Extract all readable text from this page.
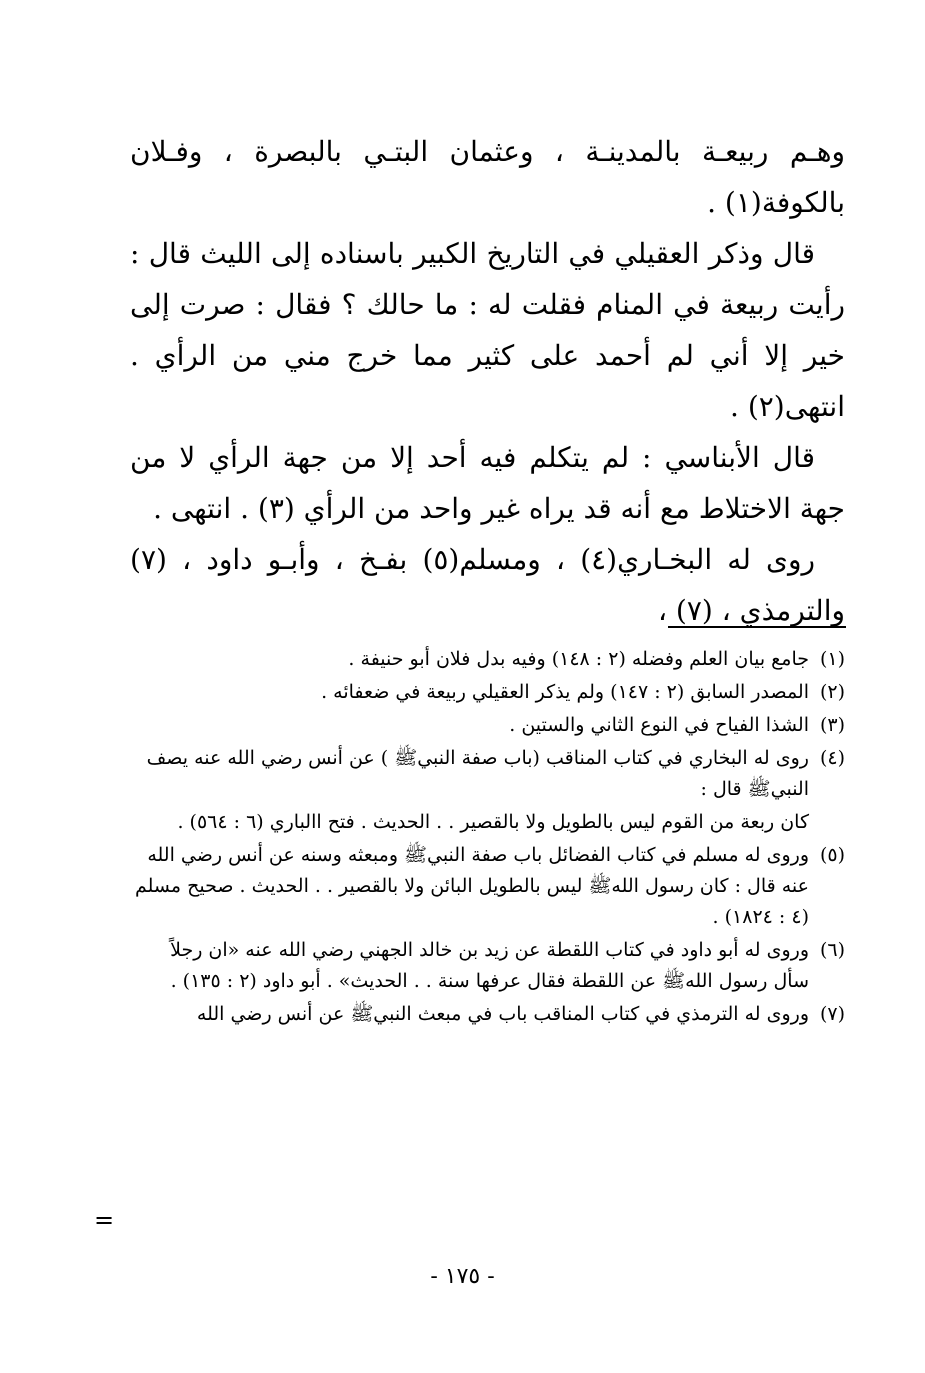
وهـم ربيعـة بالمدينـة ، وعثمان البتـي بالبصرة ، وفـلان بالكوفة(١) .

قال وذكر العقيلي في التاريخ الكبير باسناده إلى الليث قال : رأيت ربيعة في المنام فقلت له : ما حالك ؟ فقال : صرت إلى خير إلا أني لم أحمد على كثير مما خرج مني من الرأي . انتهى(٢) .

قال الأبناسي : لم يتكلم فيه أحد إلا من جهة الرأي لا من جهة الاختلاط مع أنه قد يراه غير واحد من الرأي (٣) . انتهى .

روى له البخـاري(٤) ، ومسلم(٥) بفـخ ، وأبـو داود ، (٧) والترمذي ، (٧) ،

(١)جامع بيان العلم وفضله (٢ : ١٤٨) وفيه بدل فلان أبو حنيفة .

(٢)المصدر السابق (٢ : ١٤٧) ولم يذكر العقيلي ربيعة في ضعفائه .

(٣)الشذا الفياح في النوع الثاني والستين .

(٤)روى له البخاري في كتاب المناقب (باب صفة النبيﷺ ) عن أنس رضي الله عنه يصف النبيﷺ قال :

كان ربعة من القوم ليس بالطويل ولا بالقصير . . الحديث . فتح االباري (٦ : ٥٦٤) .

(٥)وروى له مسلم في كتاب الفضائل باب صفة النبيﷺ ومبعثه وسنه عن أنس رضي الله عنه قال : كان رسول اللهﷺ ليس بالطويل البائن ولا بالقصير . . الحديث . صحيح مسلم (٤ : ١٨٢٤) .

(٦)وروى له أبو داود في كتاب اللقطة عن زيد بن خالد الجهني رضي الله عنه «ان رجلاً سأل رسول اللهﷺ عن اللقطة فقال عرفها سنة . . الحديث» . أبو داود (٢ : ١٣٥) .

(٧)وروى له الترمذي في كتاب المناقب باب في مبعث النبيﷺ عن أنس رضي الله

=
- ١٧٥ -
